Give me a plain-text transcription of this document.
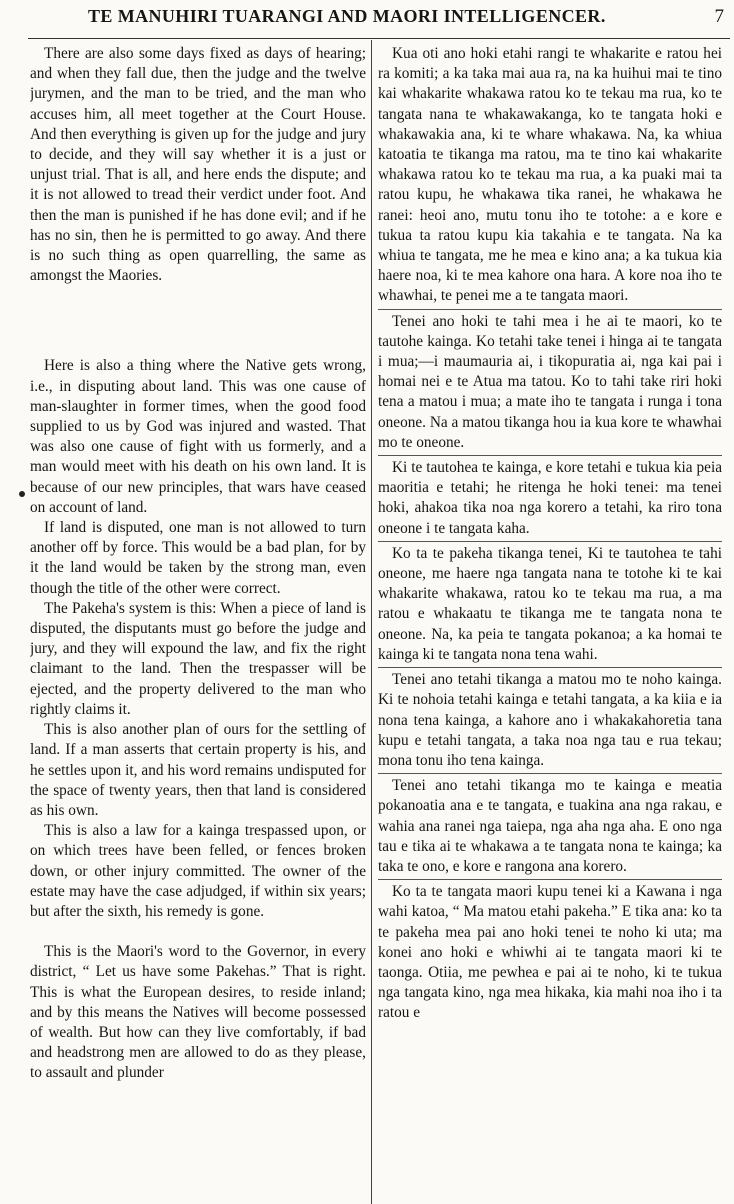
TE MANUHIRI TUARANGI AND MAORI INTELLIGENCER.	7

There are also some days fixed as days of hearing; and when they fall due, then the judge and the twelve jurymen, and the man to be tried, and the man who accuses him, all meet together at the Court House. And then everything is given up for the judge and jury to decide, and they will say whether it is a just or unjust trial. That is all, and here ends the dispute; and it is not allowed to tread their verdict under foot. And then the man is punished if he has done evil; and if he has no sin, then he is permitted to go away. And there is no such thing as open quarrelling, the same as amongst the Maories.

Here is also a thing where the Native gets wrong, i.e., in disputing about land. This was one cause of man-slaughter in former times, when the good food supplied to us by God was injured and wasted. That was also one cause of fight with us formerly, and a man would meet with his death on his own land. It is because of our new principles, that wars have ceased on account of land.

If land is disputed, one man is not allowed to turn another off by force. This would be a bad plan, for by it the land would be taken by the strong man, even though the title of the other were correct.

The Pakeha's system is this: When a piece of land is disputed, the disputants must go before the judge and jury, and they will expound the law, and fix the right claimant to the land. Then the trespasser will be ejected, and the property delivered to the man who rightly claims it.

This is also another plan of ours for the settling of land. If a man asserts that certain property is his, and he settles upon it, and his word remains undisputed for the space of twenty years, then that land is considered as his own.

This is also a law for a kainga trespassed upon, or on which trees have been felled, or fences broken down, or other injury committed. The owner of the estate may have the case adjudged, if within six years; but after the sixth, his remedy is gone.

This is the Maori's word to the Governor, in every district, “ Let us have some Pakehas.” That is right. This is what the European desires, to reside inland; and by this means the Natives will become possessed of wealth. But how can they live comfortably, if bad and headstrong men are allowed to do as they please, to assault and plunder

Kua oti ano hoki etahi rangi te whakarite e ratou hei ra komiti; a ka taka mai aua ra, na ka huihui mai te tino kai whakarite whakawa ratou ko te tekau ma rua, ko te tangata nana te whakawakanga, ko te tangata hoki e whakawakia ana, ki te whare whakawa. Na, ka whiua katoatia te tikanga ma ratou, ma te tino kai whakarite whakawa ratou ko te tekau ma rua, a ka puaki mai ta ratou kupu, he whakawa tika ranei, he whakawa he ranei: heoi ano, mutu tonu iho te totohe: a e kore e tukua ta ratou kupu kia takahia e te tangata. Na ka whiua te tangata, me he mea e kino ana; a ka tukua kia haere noa, ki te mea kahore ona hara. A kore noa iho te whawhai, te penei me a te tangata maori.

Tenei ano hoki te tahi mea i he ai te maori, ko te tautohe kainga. Ko tetahi take tenei i hinga ai te tangata i mua;—i maumauria ai, i tikopuratia ai, nga kai pai i homai nei e te Atua ma tatou. Ko to tahi take riri hoki tena a matou i mua; a mate iho te tangata i runga i tona oneone. Na a matou tikanga hou ia kua kore te whawhai mo te oneone.

Ki te tautohea te kainga, e kore tetahi e tukua kia peia maoritia e tetahi; he ritenga he hoki tenei: ma tenei hoki, ahakoa tika noa nga korero a tetahi, ka riro tona oneone i te tangata kaha.

Ko ta te pakeha tikanga tenei, Ki te tautohea te tahi oneone, me haere nga tangata nana te totohe ki te kai whakarite whakawa, ratou ko te tekau ma rua, a ma ratou e whakaatu te tikanga me te tangata nona te oneone. Na, ka peia te tangata pokanoa; a ka homai te kainga ki te tangata nona tena wahi.

Tenei ano tetahi tikanga a matou mo te noho kainga. Ki te nohoia tetahi kainga e tetahi tangata, a ka kiia e ia nona tena kainga, a kahore ano i whakakahoretia tana kupu e tetahi tangata, a taka noa nga tau e rua tekau; mona tonu iho tena kainga.

Tenei ano tetahi tikanga mo te kainga e meatia pokanoatia ana e te tangata, e tuakina ana nga rakau, e wahia ana ranei nga taiepa, nga aha nga aha. E ono nga tau e tika ai te whakawa a te tangata nona te kainga; ka taka te ono, e kore e rangona ana korero.

Ko ta te tangata maori kupu tenei ki a Kawana i nga wahi katoa, “ Ma matou etahi pakeha.” E tika ana: ko ta te pakeha mea pai ano hoki tenei te noho ki uta; ma konei ano hoki e whiwhi ai te tangata maori ki te taonga. Otiia, me pewhea e pai ai te noho, ki te tukua nga tangata kino, nga mea hikaka, kia mahi noa iho i ta ratou e
